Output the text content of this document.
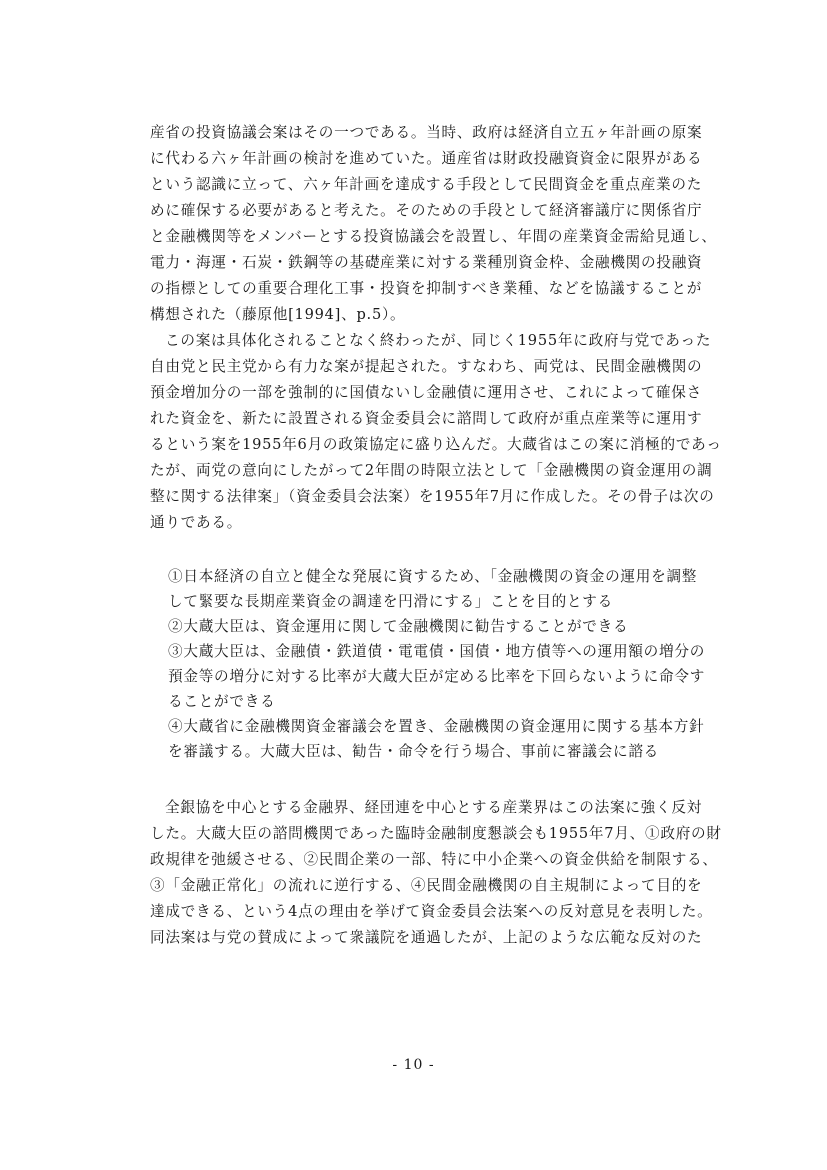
産省の投資協議会案はその一つである。当時、政府は経済自立五ヶ年計画の原案
に代わる六ヶ年計画の検討を進めていた。通産省は財政投融資資金に限界がある
という認識に立って、六ヶ年計画を達成する手段として民間資金を重点産業のた
めに確保する必要があると考えた。そのための手段として経済審議庁に関係省庁
と金融機関等をメンバーとする投資協議会を設置し、年間の産業資金需給見通し、
電力・海運・石炭・鉄鋼等の基礎産業に対する業種別資金枠、金融機関の投融資
の指標としての重要合理化工事・投資を抑制すべき業種、などを協議することが
構想された（藤原他[1994]、p.5）。
この案は具体化されることなく終わったが、同じく1955年に政府与党であった
自由党と民主党から有力な案が提起された。すなわち、両党は、民間金融機関の
預金増加分の一部を強制的に国債ないし金融債に運用させ、これによって確保さ
れた資金を、新たに設置される資金委員会に諮問して政府が重点産業等に運用す
るという案を1955年6月の政策協定に盛り込んだ。大蔵省はこの案に消極的であっ
たが、両党の意向にしたがって2年間の時限立法として「金融機関の資金運用の調
整に関する法律案」（資金委員会法案）を1955年7月に作成した。その骨子は次の
通りである。
①日本経済の自立と健全な発展に資するため、「金融機関の資金の運用を調整
して緊要な長期産業資金の調達を円滑にする」ことを目的とする
②大蔵大臣は、資金運用に関して金融機関に勧告することができる
③大蔵大臣は、金融債・鉄道債・電電債・国債・地方債等への運用額の増分の
預金等の増分に対する比率が大蔵大臣が定める比率を下回らないように命令す
ることができる
④大蔵省に金融機関資金審議会を置き、金融機関の資金運用に関する基本方針
を審議する。大蔵大臣は、勧告・命令を行う場合、事前に審議会に諮る
全銀協を中心とする金融界、経団連を中心とする産業界はこの法案に強く反対
した。大蔵大臣の諮問機関であった臨時金融制度懇談会も1955年7月、①政府の財
政規律を弛緩させる、②民間企業の一部、特に中小企業への資金供給を制限する、
③「金融正常化」の流れに逆行する、④民間金融機関の自主規制によって目的を
達成できる、という4点の理由を挙げて資金委員会法案への反対意見を表明した。
同法案は与党の賛成によって衆議院を通過したが、上記のような広範な反対のた
- 10 -
